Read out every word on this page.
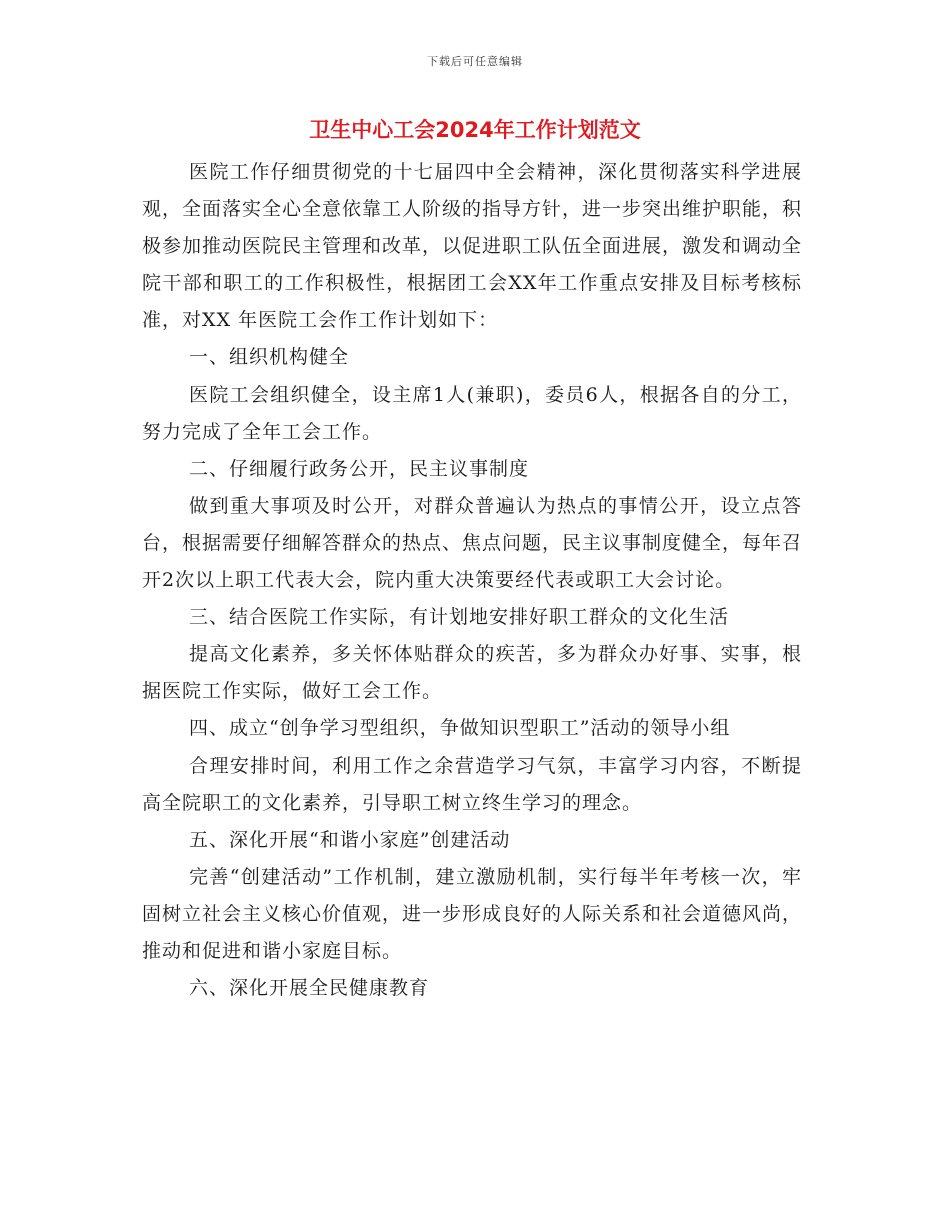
下载后可任意编辑
卫生中心工会2024年工作计划范文

医院工作仔细贯彻党的十七届四中全会精神，深化贯彻落实科学进展观，全面落实全心全意依靠工人阶级的指导方针，进一步突出维护职能，积极参加推动医院民主管理和改革，以促进职工队伍全面进展，激发和调动全院干部和职工的工作积极性，根据团工会XX年工作重点安排及目标考核标准，对XX 年医院工会作工作计划如下：

一、组织机构健全

医院工会组织健全，设主席1人(兼职)，委员6人，根据各自的分工，努力完成了全年工会工作。

二、仔细履行政务公开，民主议事制度

做到重大事项及时公开，对群众普遍认为热点的事情公开，设立点答台，根据需要仔细解答群众的热点、焦点问题，民主议事制度健全，每年召开2次以上职工代表大会，院内重大决策要经代表或职工大会讨论。

三、结合医院工作实际，有计划地安排好职工群众的文化生活

提高文化素养，多关怀体贴群众的疾苦，多为群众办好事、实事，根据医院工作实际，做好工会工作。

四、成立“创争学习型组织，争做知识型职工”活动的领导小组

合理安排时间，利用工作之余营造学习气氛，丰富学习内容，不断提高全院职工的文化素养，引导职工树立终生学习的理念。

五、深化开展“和谐小家庭”创建活动

完善“创建活动”工作机制，建立激励机制，实行每半年考核一次，牢固树立社会主义核心价值观，进一步形成良好的人际关系和社会道德风尚，推动和促进和谐小家庭目标。

六、深化开展全民健康教育
